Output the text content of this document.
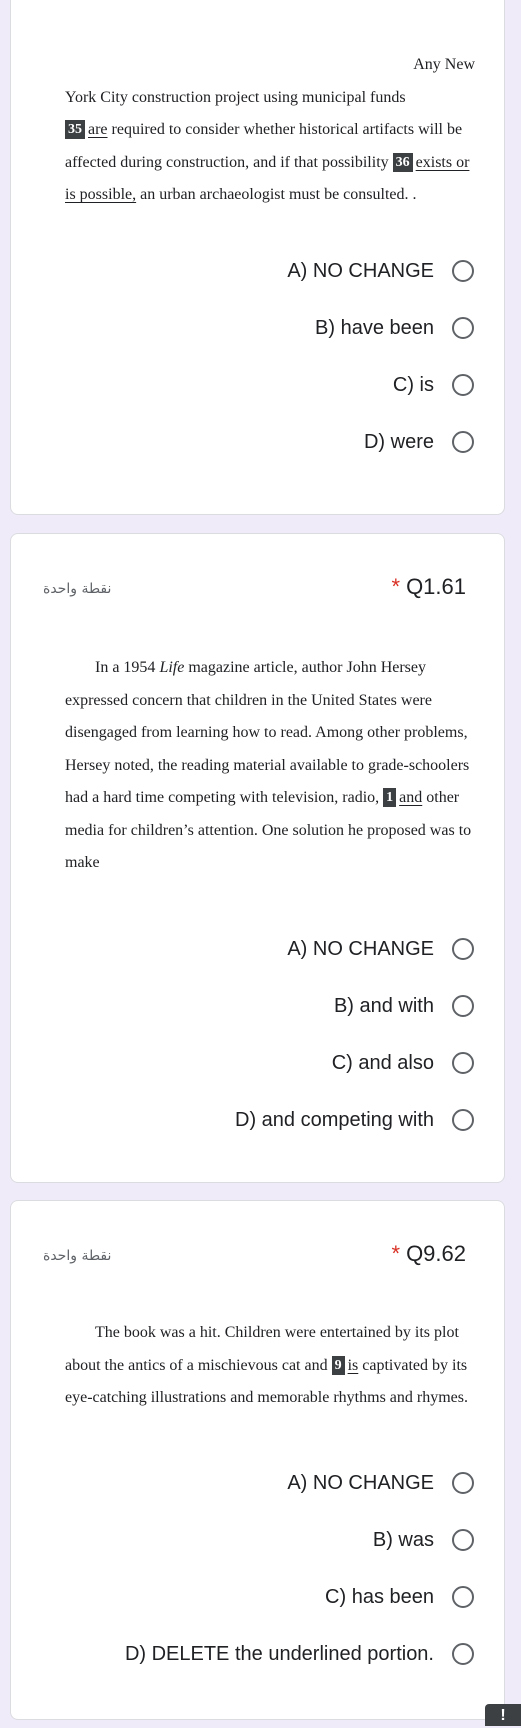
Any New

York City construction project using municipal funds
35 are required to consider whether historical artifacts will be affected during construction, and if that possibility 36 exists or is possible, an urban archaeologist must be consulted. .

A) NO CHANGE
B) have been
C) is
D) were
نقطة واحدة	* Q1.61

In a 1954 Life magazine article, author John Hersey expressed concern that children in the United States were disengaged from learning how to read. Among other problems, Hersey noted, the reading material available to grade-schoolers had a hard time competing with television, radio, 1 and other media for children’s attention. One solution he proposed was to make

A) NO CHANGE
B) and with
C) and also
D) and competing with
نقطة واحدة	* Q9.62

The book was a hit. Children were entertained by its plot about the antics of a mischievous cat and 9 is captivated by its eye-catching illustrations and memorable rhythms and rhymes.

A) NO CHANGE
B) was
C) has been
D) DELETE the underlined portion.
!
